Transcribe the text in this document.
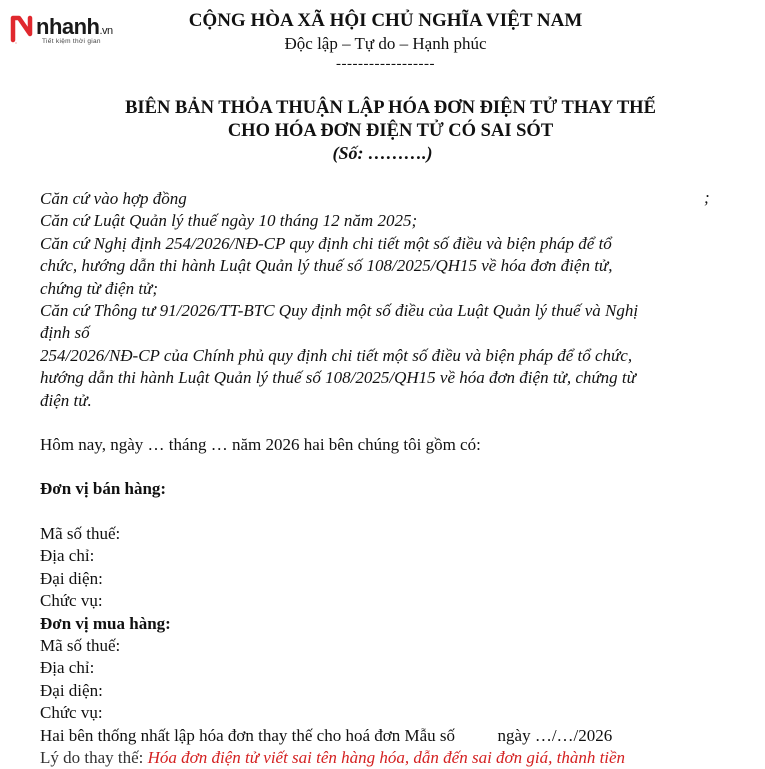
nhanh.vn
Tiết kiệm thời gian
CỘNG HÒA XÃ HỘI CHỦ NGHĨA VIỆT NAM
Độc lập – Tự do – Hạnh phúc
------------------
BIÊN BẢN THỎA THUẬN LẬP HÓA ĐƠN ĐIỆN TỬ THAY THẾ
CHO HÓA ĐƠN ĐIỆN TỬ CÓ SAI SÓT
(Số: ……….)
;

Căn cứ vào hợp đồng

Căn cứ Luật Quản lý thuế ngày 10 tháng 12 năm 2025;

Căn cứ Nghị định 254/2026/NĐ-CP quy định chi tiết một số điều và biện pháp để tổ

chức, hướng dẫn thi hành Luật Quản lý thuế số 108/2025/QH15 về hóa đơn điện tử,

chứng từ điện tử;

Căn cứ Thông tư 91/2026/TT-BTC Quy định một số điều của Luật Quản lý thuế và Nghị

định số

254/2026/NĐ-CP của Chính phủ quy định chi tiết một số điều và biện pháp để tổ chức,

hướng dẫn thi hành Luật Quản lý thuế số 108/2025/QH15 về hóa đơn điện tử, chứng từ

điện tử.

Hôm nay, ngày … tháng … năm 2026 hai bên chúng tôi gồm có:

Đơn vị bán hàng:

Mã số thuế:

Địa chỉ:

Đại diện:

Chức vụ:

Đơn vị mua hàng:

Mã số thuế:

Địa chỉ:

Đại diện:

Chức vụ:

Hai bên thống nhất lập hóa đơn thay thế cho hoá đơn Mẫu số          ngày …/…/2026

Lý do thay thế: Hóa đơn điện tử viết sai tên hàng hóa, dẫn đến sai đơn giá, thành tiền
